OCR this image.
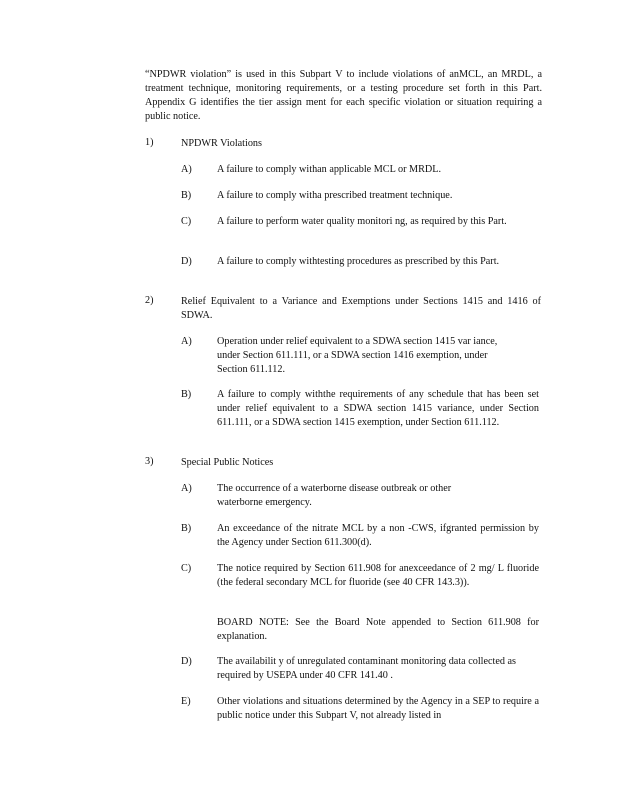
“NPDWR violation” is used in this Subpart V to include violations of anMCL, an MRDL, a treatment technique, monitoring requirements, or a testing procedure set forth in this Part. Appendix G identifies the tier assign ment for each specific violation or situation requiring a public notice.
1)	NPDWR Violations
A) A failure to comply withan applicable MCL or MRDL.
B)	A failure to comply witha prescribed treatment technique.
C)	A failure to perform water quality monitori ng, as required by this Part.
D) A failure to comply withtesting procedures as prescribed by this Part.
2)	Relief Equivalent to a Variance and Exemptions under Sections 1415 and 1416 of SDWA.
A) Operation under relief equivalent to a SDWA section 1415 var iance, under Section 611.111, or a SDWA section 1416 exemption, under Section 611.112.
B)	A failure to comply withthe requirements of any schedule that has been set under relief equivalent to a SDWA section 1415 variance, under Section 611.111, or a SDWA section 1415 exemption, under Section 611.112.
3)	Special Public Notices
A) The occurrence of a waterborne disease outbreak or other waterborne emergency.
B)	An exceedance of the nitrate MCL by a non -CWS, ifgranted permission by the Agency under Section 611.300(d).
C)	The notice required by Section 611.908 for anexceedance of 2 mg/ L fluoride (the federal secondary MCL for fluoride (see 40 CFR 143.3)).
BOARD NOTE: See the Board Note appended to Section 611.908 for explanation.
D) The availabilit y of unregulated contaminant monitoring data collected as required by USEPA under 40 CFR 141.40 .
E)	Other violations and situations determined by the Agency in a SEP to require a public notice under this Subpart V, not already listed in
